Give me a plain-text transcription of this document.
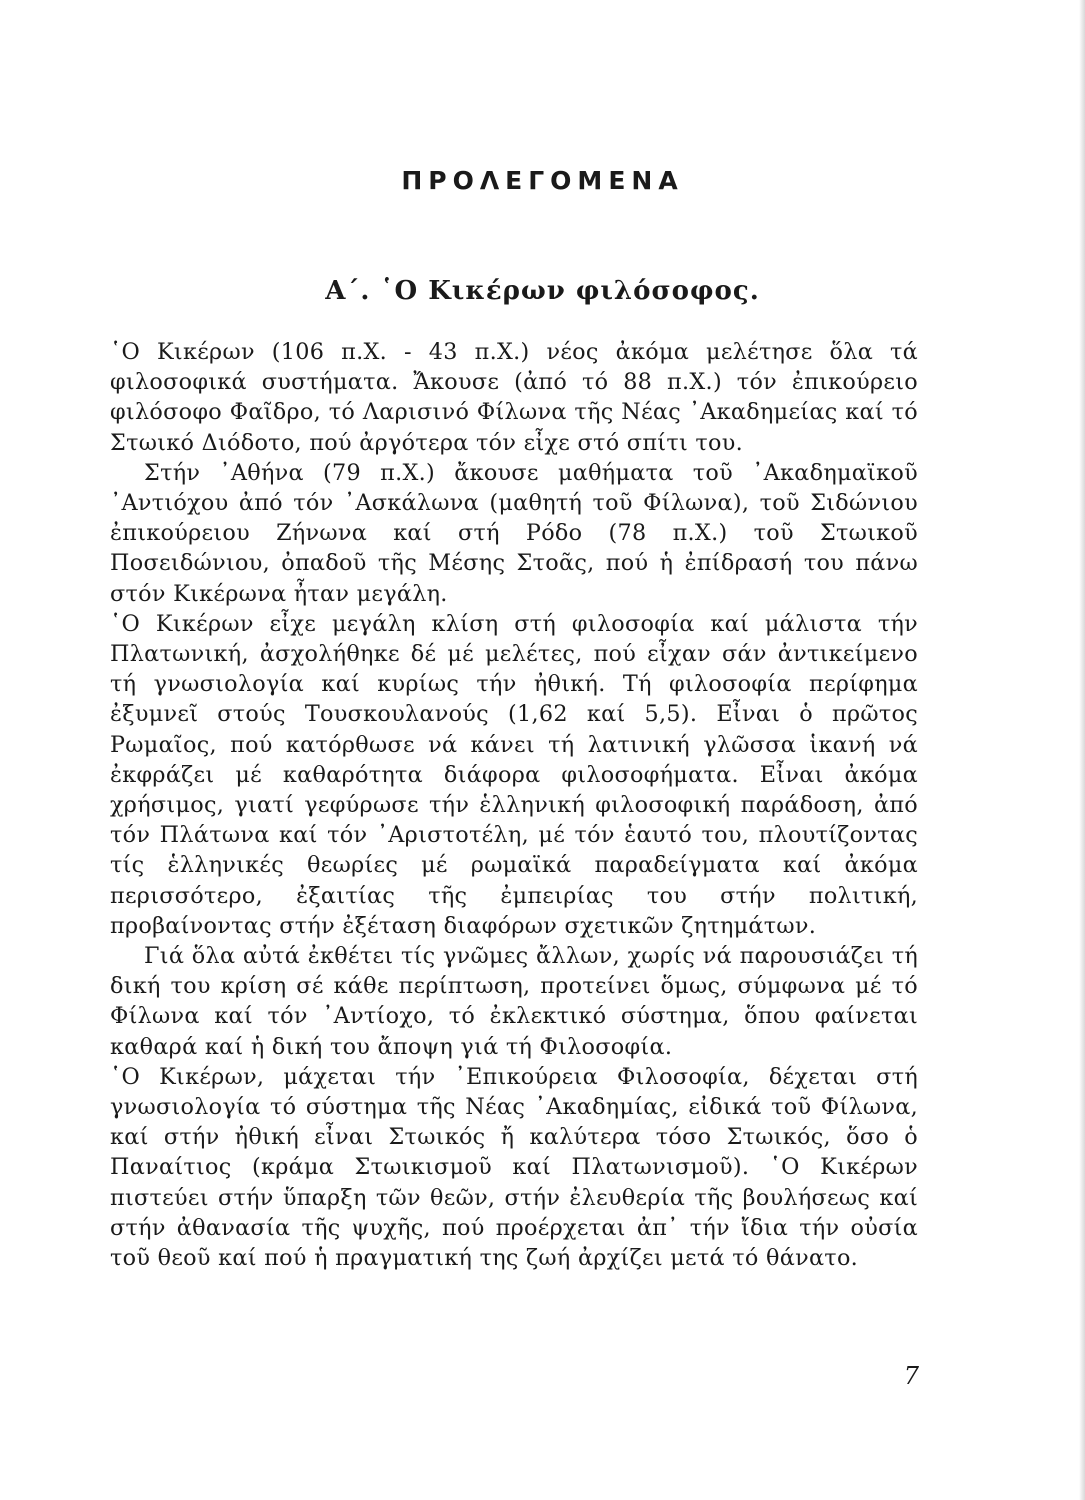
ΠΡΟΛΕΓΟΜΕΝΑ
Α΄. ῾Ο Κικέρων φιλόσοφος.

῾Ο Κικέρων (106 π.Χ. - 43 π.Χ.) νέος ἀκόμα μελέτησε ὅλα τά φιλοσοφικά συστήματα. Ἄκουσε (ἀπό τό 88 π.Χ.) τόν ἐπικούρειο φιλόσοφο Φαῖδρο, τό Λαρισινό Φίλωνα τῆς Νέας ᾿Ακαδημείας καί τό Στωικό Διόδοτο, πού ἀργότερα τόν εἶχε στό σπίτι του.

Στήν ᾿Αθήνα (79 π.Χ.) ἄκουσε μαθήματα τοῦ ᾿Ακαδημαϊκοῦ ᾿Αντιόχου ἀπό τόν ᾿Ασκάλωνα (μαθητή τοῦ Φίλωνα), τοῦ Σιδώνιου ἐπικούρειου Ζήνωνα καί στή Ρόδο (78 π.Χ.) τοῦ Στωικοῦ Ποσειδώνιου, ὀπαδοῦ τῆς Μέσης Στοᾶς, πού ἡ ἐπίδρασή του πάνω στόν Κικέρωνα ἦταν μεγάλη.

῾Ο Κικέρων εἶχε μεγάλη κλίση στή φιλοσοφία καί μάλιστα τήν Πλατωνική, ἀσχολήθηκε δέ μέ μελέτες, πού εἶχαν σάν ἀντικείμενο τή γνωσιολογία καί κυρίως τήν ἠθική. Τή φιλοσοφία περίφημα ἐξυμνεῖ στούς Τουσκουλανούς (1,62 καί 5,5). Εἶναι ὁ πρῶτος Ρωμαῖος, πού κατόρθωσε νά κάνει τή λατινική γλῶσσα ἱκανή νά ἐκφράζει μέ καθαρότητα διάφορα φιλοσοφήματα. Εἶναι ἀκόμα χρήσιμος, γιατί γεφύρωσε τήν ἑλληνική φιλοσοφική παράδοση, ἀπό τόν Πλάτωνα καί τόν ᾿Αριστοτέλη, μέ τόν ἑαυτό του, πλουτίζοντας τίς ἑλληνικές θεωρίες μέ ρωμαϊκά παραδείγματα καί ἀκόμα περισσότερο, ἐξαιτίας τῆς ἐμπειρίας του στήν πολιτική, προβαίνοντας στήν ἐξέταση διαφόρων σχετικῶν ζητημάτων.

Γιά ὅλα αὐτά ἐκθέτει τίς γνῶμες ἄλλων, χωρίς νά παρουσιάζει τή δική του κρίση σέ κάθε περίπτωση, προτείνει ὅμως, σύμφωνα μέ τό Φίλωνα καί τόν ᾿Αντίοχο, τό ἐκλεκτικό σύστημα, ὅπου φαίνεται καθαρά καί ἡ δική του ἄποψη γιά τή Φιλοσοφία.

῾Ο Κικέρων, μάχεται τήν ᾿Επικούρεια Φιλοσοφία, δέχεται στή γνωσιολογία τό σύστημα τῆς Νέας ᾿Ακαδημίας, εἰδικά τοῦ Φίλωνα, καί στήν ἠθική εἶναι Στωικός ἤ καλύτερα τόσο Στωικός, ὅσο ὁ Παναίτιος (κράμα Στωικισμοῦ καί Πλατωνισμοῦ). ῾Ο Κικέρων πιστεύει στήν ὕπαρξη τῶν θεῶν, στήν ἐλευθερία τῆς βουλήσεως καί στήν ἀθανασία τῆς ψυχῆς, πού προέρχεται ἀπ᾿ τήν ἴδια τήν οὐσία τοῦ θεοῦ καί πού ἡ πραγματική της ζωή ἀρχίζει μετά τό θάνατο.

7
